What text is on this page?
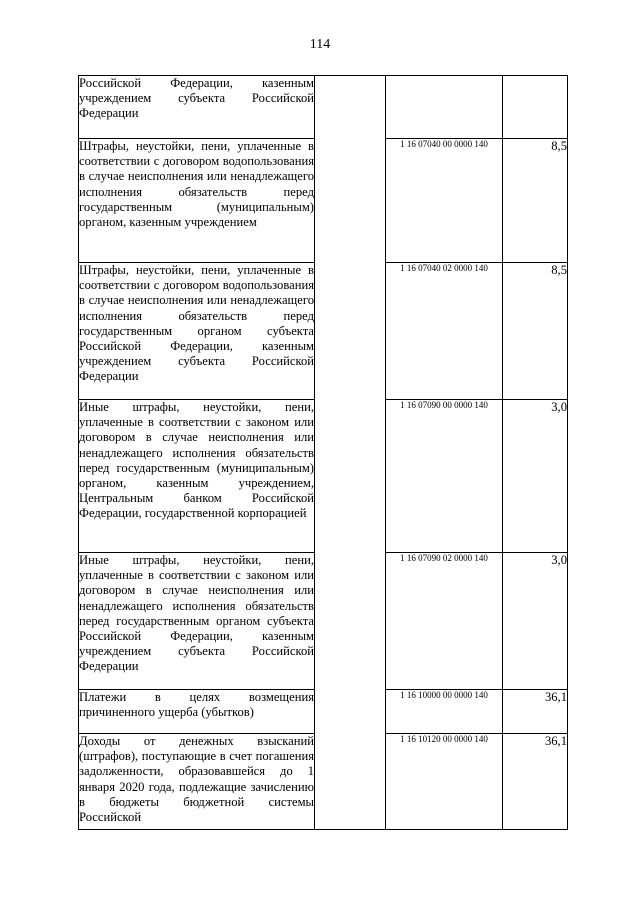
114
Российской Федерации, казенным учреждением субъекта Российской Федерации			
Штрафы, неустойки, пени, уплаченные в соответствии с договором водопользования в случае неисполнения или ненадлежащего исполнения обязательств перед государственным (муниципальным) органом, казенным учреждением		1 16 07040 00 0000 140	8,5
Штрафы, неустойки, пени, уплаченные в соответствии с договором водопользования в случае неисполнения или ненадлежащего исполнения обязательств перед государственным органом субъекта Российской Федерации, казенным учреждением субъекта Российской Федерации		1 16 07040 02 0000 140	8,5
Иные штрафы, неустойки, пени, уплаченные в соответствии с законом или договором в случае неисполнения или ненадлежащего исполнения обязательств перед государственным (муниципальным) органом, казенным учреждением, Центральным банком Российской Федерации, государственной корпорацией		1 16 07090 00 0000 140	3,0
Иные штрафы, неустойки, пени, уплаченные в соответствии с законом или договором в случае неисполнения или ненадлежащего исполнения обязательств перед государственным органом субъекта Российской Федерации, казенным учреждением субъекта Российской Федерации		1 16 07090 02 0000 140	3,0
Платежи в целях возмещения причиненного ущерба (убытков)		1 16 10000 00 0000 140	36,1
Доходы от денежных взысканий (штрафов), поступающие в счет погашения задолженности, образовавшейся до 1 января 2020 года, подлежащие зачислению в бюджеты бюджетной системы Российской		1 16 10120 00 0000 140	36,1
